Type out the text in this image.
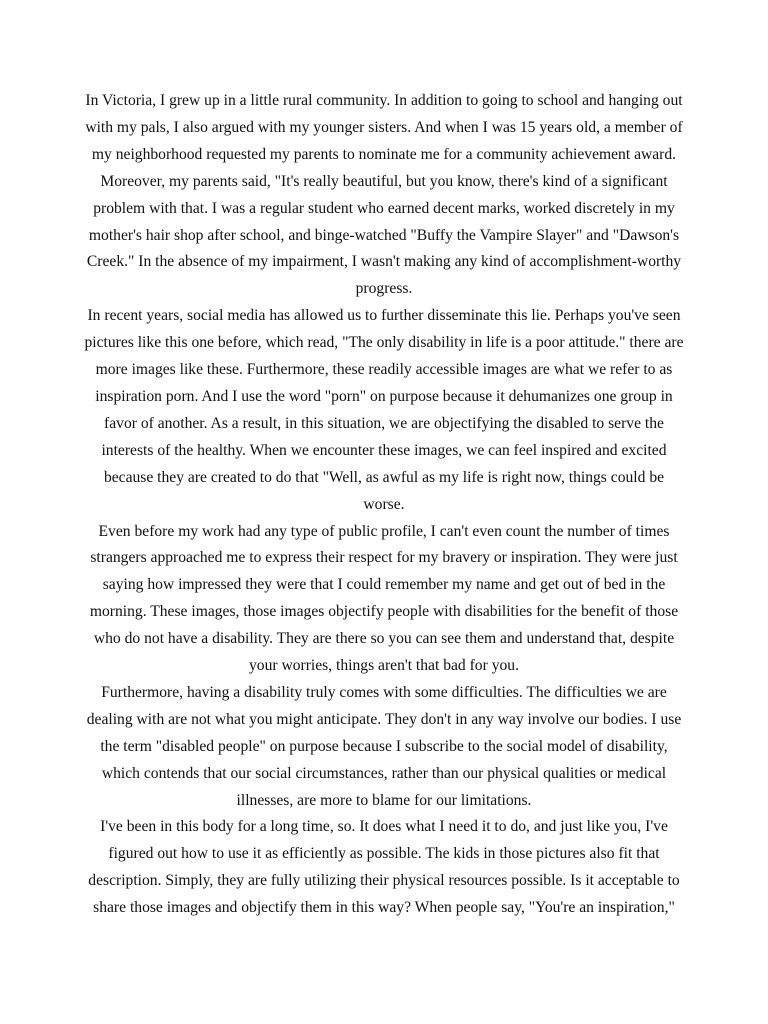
In Victoria, I grew up in a little rural community. In addition to going to school and hanging out with my pals, I also argued with my younger sisters. And when I was 15 years old, a member of my neighborhood requested my parents to nominate me for a community achievement award.

Moreover, my parents said, "It's really beautiful, but you know, there's kind of a significant problem with that. I was a regular student who earned decent marks, worked discretely in my mother's hair shop after school, and binge-watched "Buffy the Vampire Slayer" and "Dawson's Creek." In the absence of my impairment, I wasn't making any kind of accomplishment-worthy progress.

In recent years, social media has allowed us to further disseminate this lie. Perhaps you've seen pictures like this one before, which read, "The only disability in life is a poor attitude." there are more images like these. Furthermore, these readily accessible images are what we refer to as inspiration porn. And I use the word "porn" on purpose because it dehumanizes one group in favor of another. As a result, in this situation, we are objectifying the disabled to serve the interests of the healthy. When we encounter these images, we can feel inspired and excited because they are created to do that "Well, as awful as my life is right now, things could be worse.

Even before my work had any type of public profile, I can't even count the number of times strangers approached me to express their respect for my bravery or inspiration. They were just saying how impressed they were that I could remember my name and get out of bed in the morning. These images, those images objectify people with disabilities for the benefit of those who do not have a disability. They are there so you can see them and understand that, despite your worries, things aren't that bad for you.

Furthermore, having a disability truly comes with some difficulties. The difficulties we are dealing with are not what you might anticipate. They don't in any way involve our bodies. I use the term "disabled people" on purpose because I subscribe to the social model of disability, which contends that our social circumstances, rather than our physical qualities or medical illnesses, are more to blame for our limitations.

I've been in this body for a long time, so. It does what I need it to do, and just like you, I've figured out how to use it as efficiently as possible. The kids in those pictures also fit that description. Simply, they are fully utilizing their physical resources possible. Is it acceptable to share those images and objectify them in this way? When people say, "You're an inspiration,"
